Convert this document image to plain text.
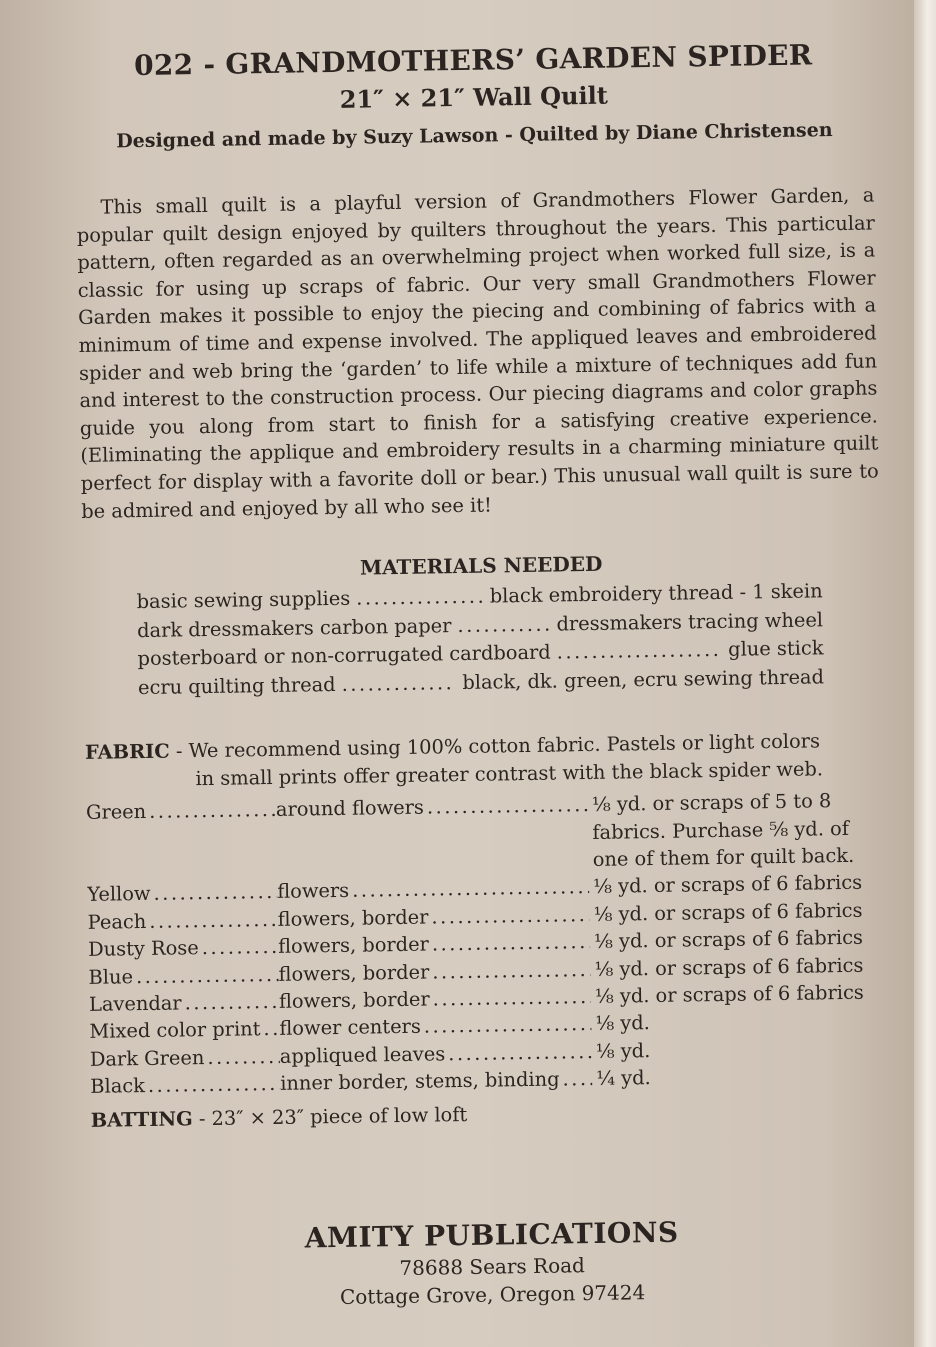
022 - GRANDMOTHERS’ GARDEN SPIDER
21″ × 21″ Wall Quilt
Designed and made by Suzy Lawson - Quilted by Diane Christensen

This small quilt is a playful version of Grandmothers Flower Garden, a popular quilt design enjoyed by quilters throughout the years. This particular pattern, often regarded as an overwhelming project when worked full size, is a classic for using up scraps of fabric. Our very small Grandmothers Flower Garden makes it possible to enjoy the piecing and combining of fabrics with a minimum of time and expense involved. The appliqued leaves and embroidered spider and web bring the ‘garden’ to life while a mixture of techniques add fun and interest to the construction process. Our piecing diagrams and color graphs guide you along from start to finish for a satisfying creative experience. (Eliminating the applique and embroidery results in a charming miniature quilt perfect for display with a favorite doll or bear.) This unusual wall quilt is sure to be admired and enjoyed by all who see it!

MATERIALS NEEDED
basic sewing supplies .....	black embroidery thread - 1 skein
dark dressmakers carbon paper .....	dressmakers tracing wheel
posterboard or non-corrugated cardboard .....	glue stick
ecru quilting thread .....	black, dk. green, ecru sewing thread
FABRIC - We recommend using 100% cotton fabric. Pastels or light colors
in small prints offer greater contrast with the black spider web.
Green .....	around flowers .....	⅛ yd. or scraps of 5 to 8 fabrics. Purchase ⅝ yd. of one of them for quilt back.
Yellow .....	flowers .....	⅛ yd. or scraps of 6 fabrics
Peach .....	flowers, border .....	⅛ yd. or scraps of 6 fabrics
Dusty Rose .....	flowers, border .....	⅛ yd. or scraps of 6 fabrics
Blue .....	flowers, border .....	⅛ yd. or scraps of 6 fabrics
Lavendar .....	flowers, border .....	⅛ yd. or scraps of 6 fabrics
Mixed color print ..... flower centers .....	⅛ yd.
Dark Green .....	appliqued leaves .....	⅛ yd.
Black .....	inner border, stems, binding ..... ¼ yd.
BATTING - 23″ × 23″ piece of low loft
AMITY PUBLICATIONS
78688 Sears Road
Cottage Grove, Oregon 97424
